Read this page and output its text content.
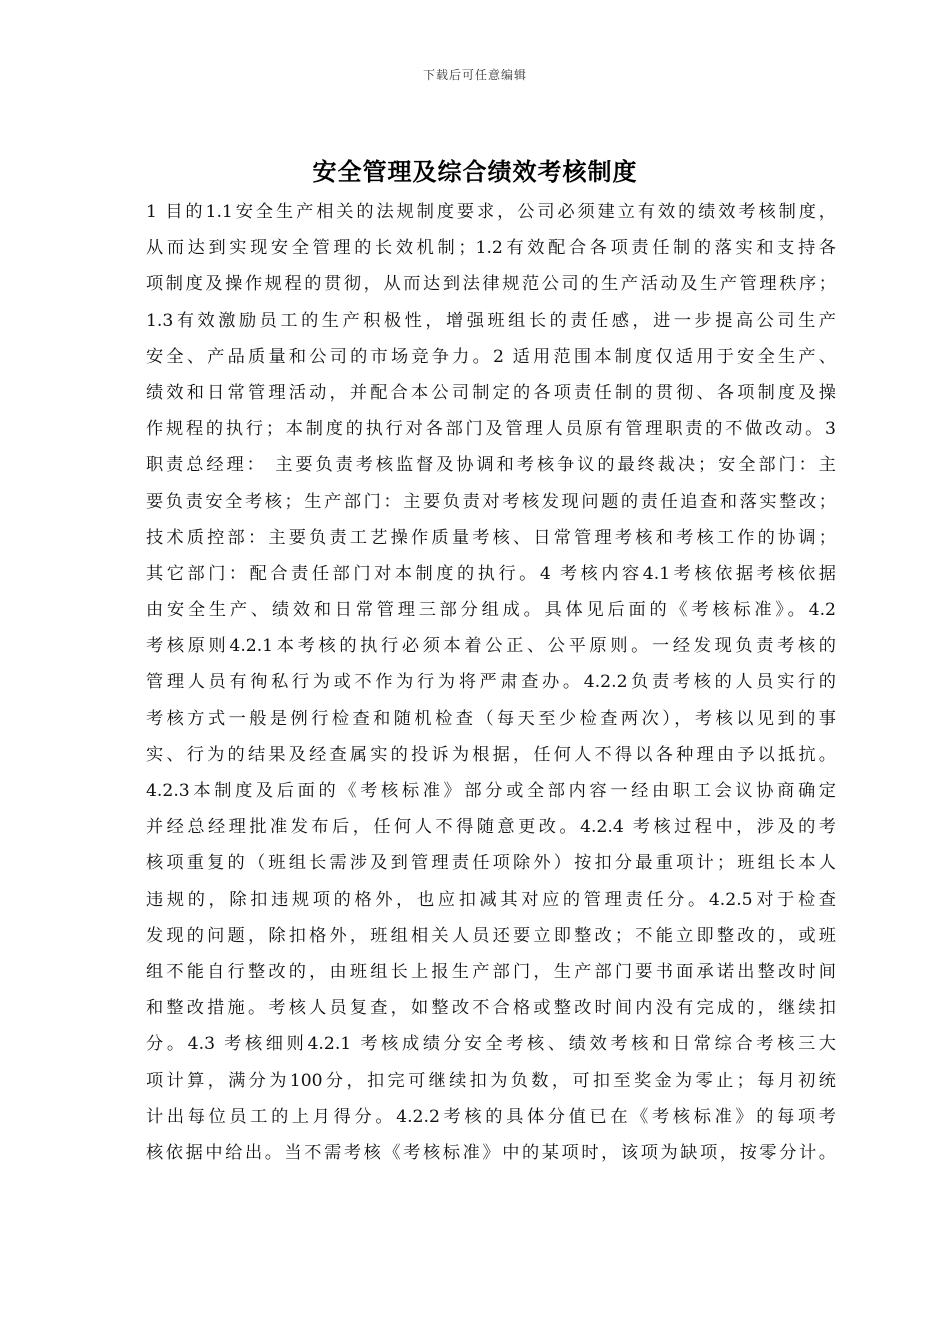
下载后可任意编辑
安全管理及综合绩效考核制度
1 目的1.1安全生产相关的法规制度要求，公司必须建立有效的绩效考核制度，
从而达到实现安全管理的长效机制；1.2有效配合各项责任制的落实和支持各
项制度及操作规程的贯彻，从而达到法律规范公司的生产活动及生产管理秩序；
1.3有效激励员工的生产积极性，增强班组长的责任感，进一步提高公司生产
安全、产品质量和公司的市场竞争力。2 适用范围本制度仅适用于安全生产、
绩效和日常管理活动，并配合本公司制定的各项责任制的贯彻、各项制度及操
作规程的执行；本制度的执行对各部门及管理人员原有管理职责的不做改动。3
职责总经理： 主要负责考核监督及协调和考核争议的最终裁决；安全部门：主
要负责安全考核；生产部门：主要负责对考核发现问题的责任追查和落实整改；
技术质控部：主要负责工艺操作质量考核、日常管理考核和考核工作的协调；
其它部门：配合责任部门对本制度的执行。4 考核内容4.1考核依据考核依据
由安全生产、绩效和日常管理三部分组成。具体见后面的《考核标准》。4.2
考核原则4.2.1本考核的执行必须本着公正、公平原则。一经发现负责考核的
管理人员有徇私行为或不作为行为将严肃查办。4.2.2负责考核的人员实行的
考核方式一般是例行检查和随机检查（每天至少检查两次），考核以见到的事
实、行为的结果及经查属实的投诉为根据，任何人不得以各种理由予以抵抗。
4.2.3本制度及后面的《考核标准》部分或全部内容一经由职工会议协商确定
并经总经理批准发布后，任何人不得随意更改。4.2.4 考核过程中，涉及的考
核项重复的（班组长需涉及到管理责任项除外）按扣分最重项计；班组长本人
违规的，除扣违规项的格外，也应扣减其对应的管理责任分。4.2.5对于检查
发现的问题，除扣格外，班组相关人员还要立即整改；不能立即整改的，或班
组不能自行整改的，由班组长上报生产部门，生产部门要书面承诺出整改时间
和整改措施。考核人员复查，如整改不合格或整改时间内没有完成的，继续扣
分。4.3 考核细则4.2.1 考核成绩分安全考核、绩效考核和日常综合考核三大
项计算，满分为100分，扣完可继续扣为负数，可扣至奖金为零止；每月初统
计出每位员工的上月得分。4.2.2考核的具体分值已在《考核标准》的每项考
核依据中给出。当不需考核《考核标准》中的某项时，该项为缺项，按零分计。
